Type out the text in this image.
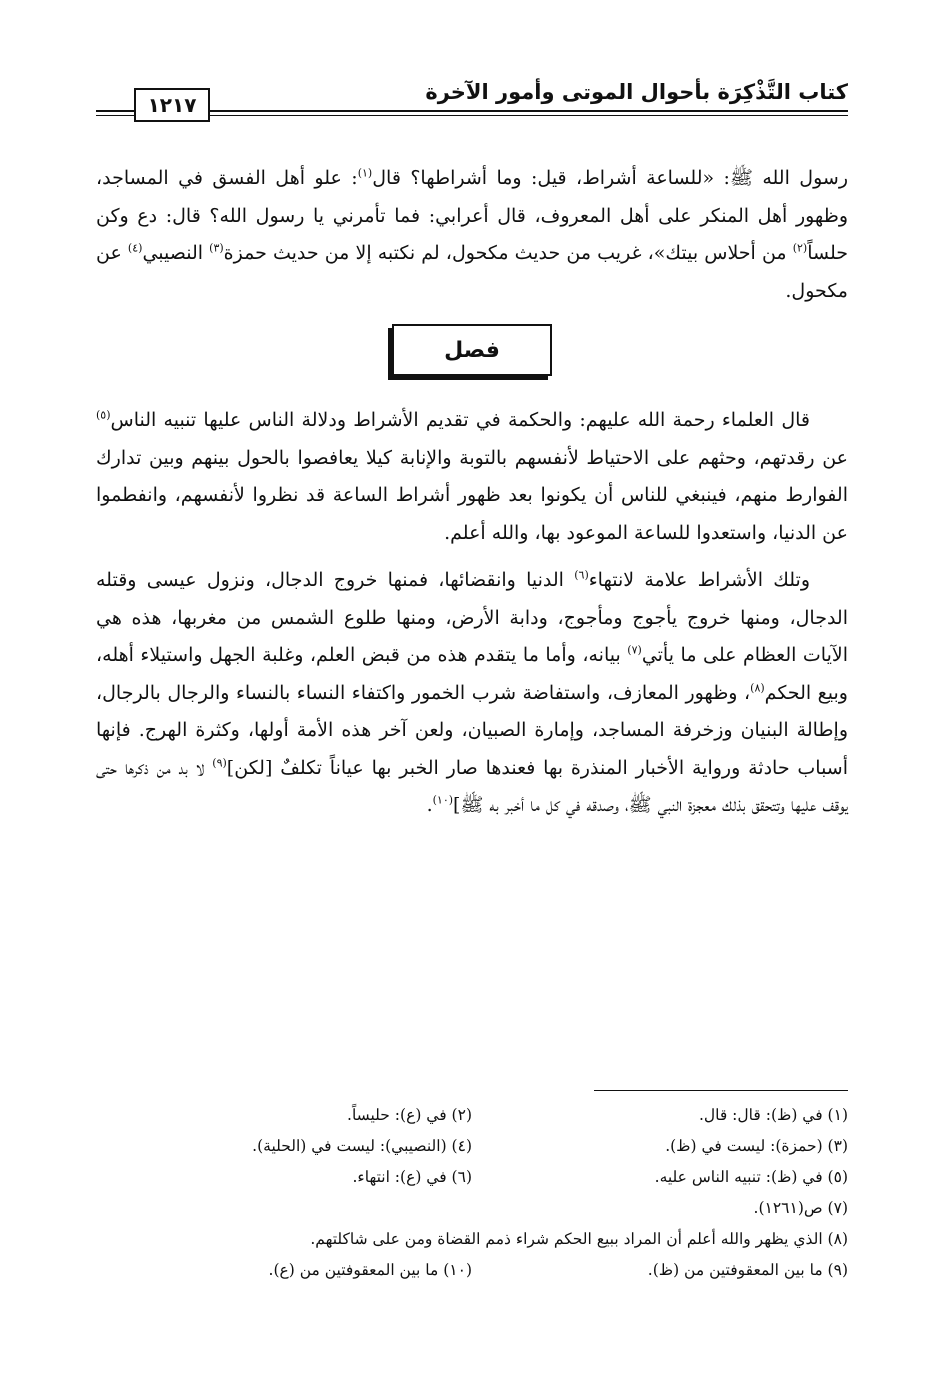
كتاب التَّذْكِرَة بأحوال الموتى وأمور الآخرة
١٢١٧

رسول الله ﷺ: «للساعة أشراط، قيل: وما أشراطها؟ قال$^{(١)}$: علو أهل الفسق في المساجد، وظهور أهل المنكر على أهل المعروف، قال أعرابي: فما تأمرني يا رسول الله؟ قال: دع وكن حلساً$^{(٢)}$ من أحلاس بيتك»، غريب من حديث مكحول، لم نكتبه إلا من حديث حمزة$^{(٣)}$ النصيبي$^{(٤)}$ عن مكحول.

فصل

قال العلماء رحمة الله عليهم: والحكمة في تقديم الأشراط ودلالة الناس عليها تنبيه الناس$^{(٥)}$ عن رقدتهم، وحثهم على الاحتياط لأنفسهم بالتوبة والإنابة كيلا يعافصوا بالحول بينهم وبين تدارك الفوارط منهم، فينبغي للناس أن يكونوا بعد ظهور أشراط الساعة قد نظروا لأنفسهم، وانفطموا عن الدنيا، واستعدوا للساعة الموعود بها، والله أعلم.

وتلك الأشراط علامة لانتهاء$^{(٦)}$ الدنيا وانقضائها، فمنها خروج الدجال، ونزول عيسى وقتله الدجال، ومنها خروج يأجوج ومأجوج، ودابة الأرض، ومنها طلوع الشمس من مغربها، هذه هي الآيات العظام على ما يأتي$^{(٧)}$ بيانه، وأما ما يتقدم هذه من قبض العلم، وغلبة الجهل واستيلاء أهله، وبيع الحكم$^{(٨)}$، وظهور المعازف، واستفاضة شرب الخمور واكتفاء النساء بالنساء والرجال بالرجال، وإطالة البنيان وزخرفة المساجد، وإمارة الصبيان، ولعن آخر هذه الأمة أولها، وكثرة الهرج. فإنها أسباب حادثة ورواية الأخبار المنذرة بها فعندها صار الخبر بها عياناً تكلفٌ [لكن]$^{(٩)}$ لا بد من ذكرها حتى يوقف عليها وتتحقق بذلك معجزة النبي ﷺ، وصدقه في كل ما أخبر به ﷺ]$^{(١٠)}$.

(١) في (ظ): قال: قال.
(٢) في (ع): حليساً.
(٣) (حمزة): ليست في (ظ).
(٤) (النصيبي): ليست في (الحلية).
(٥) في (ظ): تنبيه الناس عليه.
(٦) في (ع): انتهاء.
(٧) ص(١٢٦١).
(٨) الذي يظهر والله أعلم أن المراد ببيع الحكم شراء ذمم القضاة ومن على شاكلتهم.
(٩) ما بين المعقوفتين من (ظ).
(١٠) ما بين المعقوفتين من (ع).
